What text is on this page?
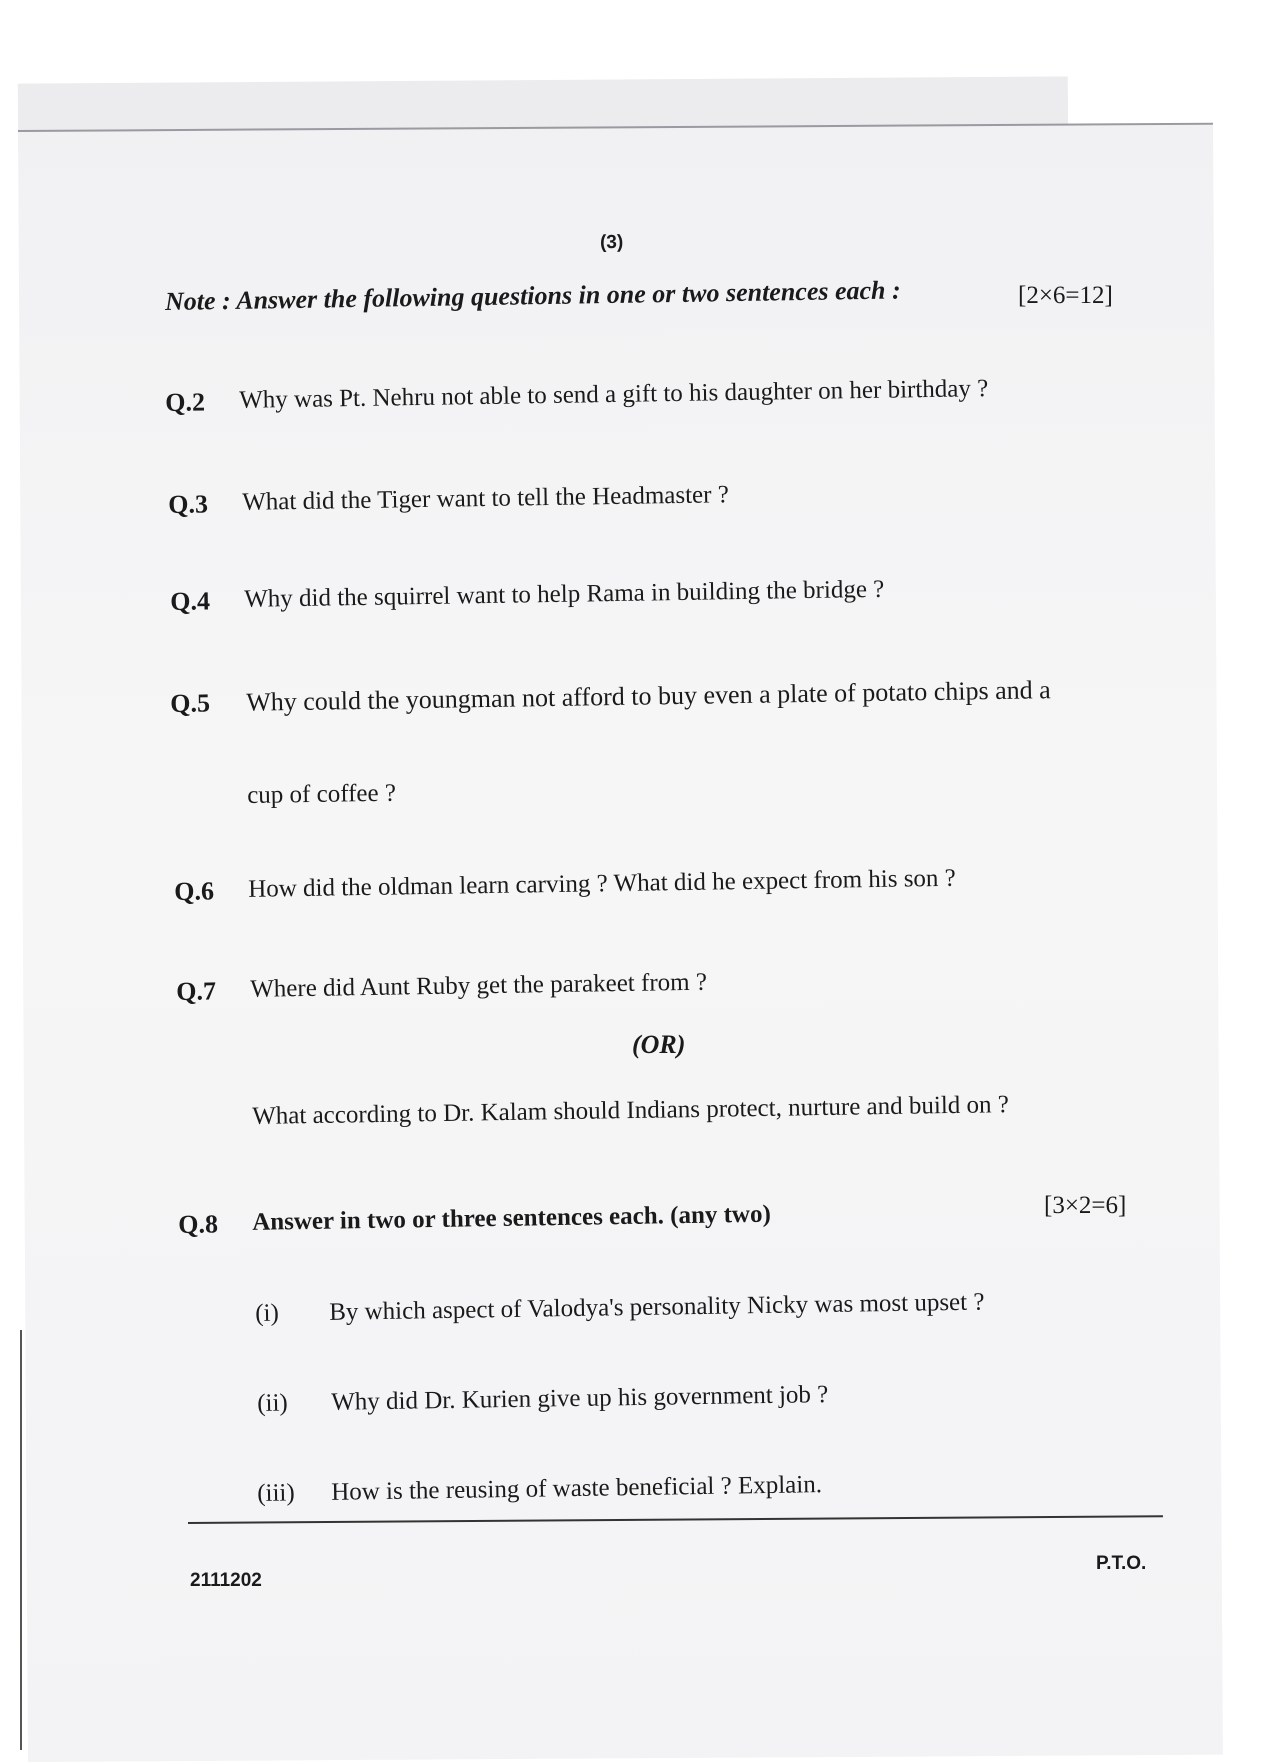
(3)
Note : Answer the following questions in one or two sentences each :	[2×6=12]
Q.2 Why was Pt. Nehru not able to send a gift to his daughter on her birthday ?
Q.3 What did the Tiger want to tell the Headmaster ?
Q.4 Why did the squirrel want to help Rama in building the bridge ?
Q.5 Why could the youngman not afford to buy even a plate of potato chips and a
cup of coffee ?
Q.6 How did the oldman learn carving ? What did he expect from his son ?
Q.7 Where did Aunt Ruby get the parakeet from ?
(OR)
What according to Dr. Kalam should Indians protect, nurture and build on ?
Q.8 Answer in two or three sentences each. (any two)	[3×2=6]
(i) By which aspect of Valodya's personality Nicky was most upset ?
(ii) Why did Dr. Kurien give up his government job ?
(iii) How is the reusing of waste beneficial ? Explain.
2111202
P.T.O.
